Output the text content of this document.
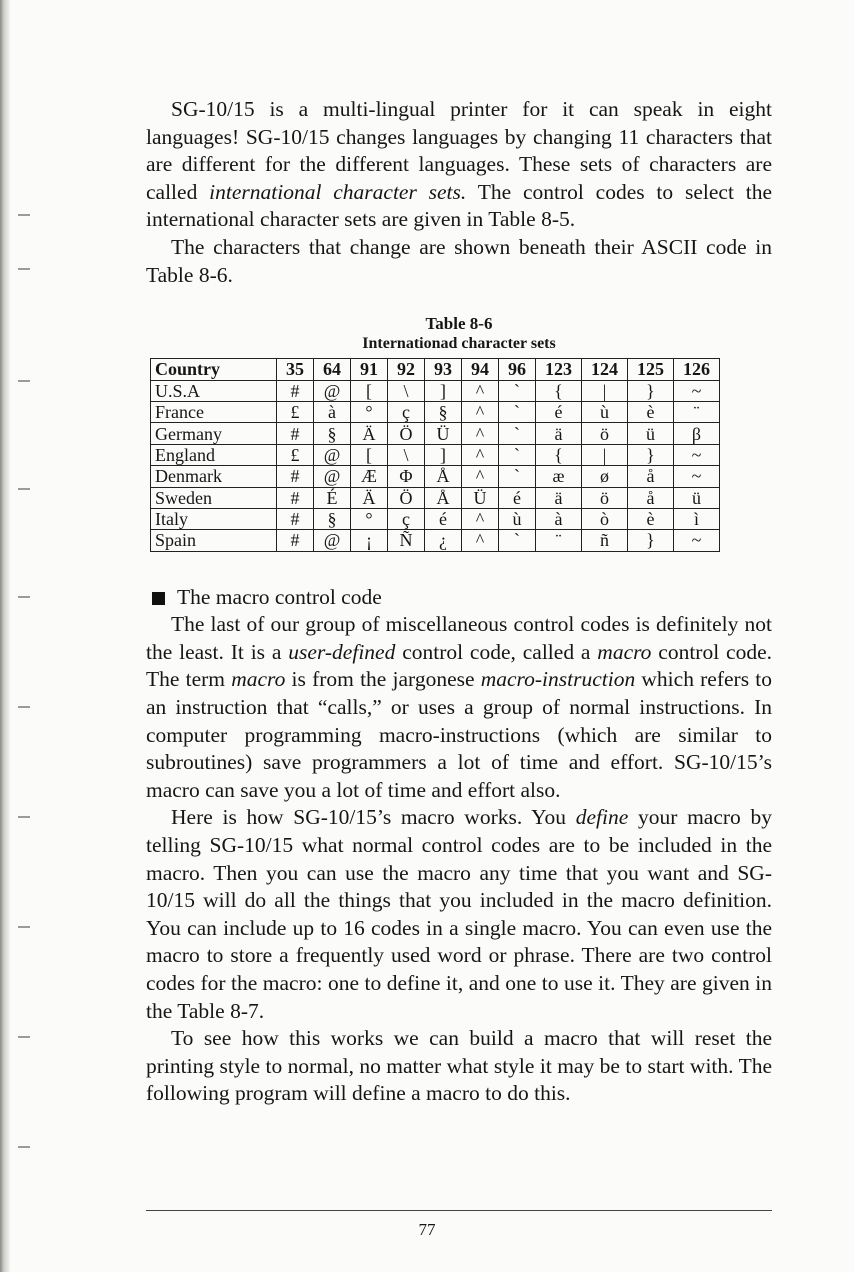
SG-10/15 is a multi-lingual printer for it can speak in eight languages! SG-10/15 changes languages by changing 11 characters that are different for the different languages. These sets of characters are called international character sets. The control codes to select the international character sets are given in Table 8-5.

The characters that change are shown beneath their ASCII code in Table 8-6.

Table 8-6
Internationad character sets
Country	35	64	91	92	93	94	96	123	124	125	126
U.S.A	#	@	[	\	]	^	`	{	|	}	~
France	£	à	°	ç	§	^	`	é	ù	è	¨
Germany	#	§	Ä	Ö	Ü	^	`	ä	ö	ü	β
England	£	@	[	\	]	^	`	{	|	}	~
Denmark	#	@	Æ	Φ	Å	^	`	æ	ø	å	~
Sweden	#	É	Ä	Ö	Å	Ü	é	ä	ö	å	ü
Italy	#	§	°	ç	é	^	ù	à	ò	è	ì
Spain	#	@	¡	Ñ	¿	^	`	¨	ñ	}	~
The macro control code

The last of our group of miscellaneous control codes is definitely not the least. It is a user-defined control code, called a macro control code. The term macro is from the jargonese macro-instruction which refers to an instruction that “calls,” or uses a group of normal instructions. In computer programming macro-instructions (which are similar to subroutines) save programmers a lot of time and effort. SG-10/15’s macro can save you a lot of time and effort also.

Here is how SG-10/15’s macro works. You define your macro by telling SG-10/15 what normal control codes are to be included in the macro. Then you can use the macro any time that you want and SG-10/15 will do all the things that you included in the macro definition. You can include up to 16 codes in a single macro. You can even use the macro to store a frequently used word or phrase. There are two control codes for the macro: one to define it, and one to use it. They are given in the Table 8-7.

To see how this works we can build a macro that will reset the printing style to normal, no matter what style it may be to start with. The following program will define a macro to do this.

77
